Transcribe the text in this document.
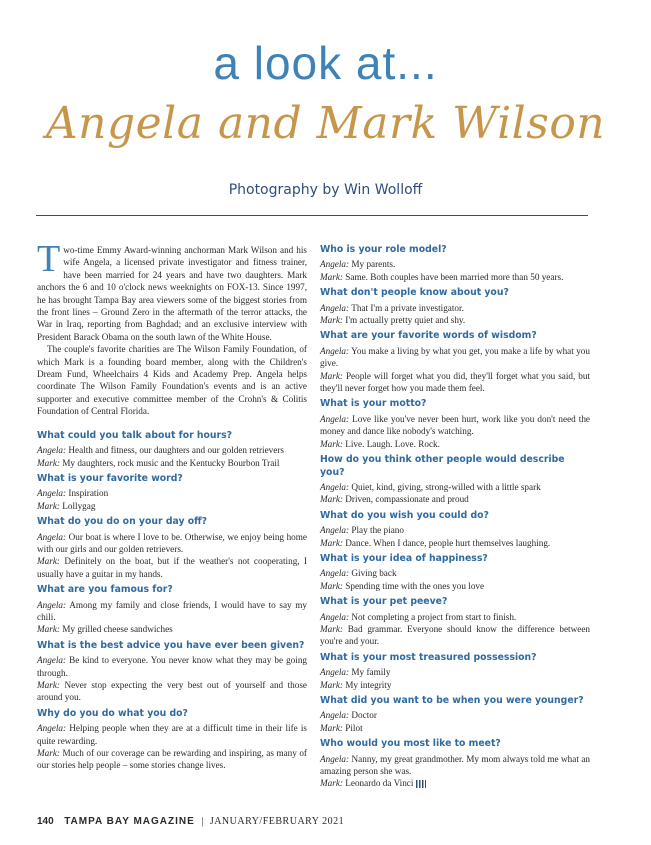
a look at...
Angela and Mark Wilson
Photography by Win Wolloff

Two-time Emmy Award-winning anchorman Mark Wilson and his wife Angela, a licensed private investigator and fitness trainer, have been married for 24 years and have two daughters. Mark anchors the 6 and 10 o'clock news weeknights on FOX-13. Since 1997, he has brought Tampa Bay area viewers some of the biggest stories from the front lines – Ground Zero in the aftermath of the terror attacks, the War in Iraq, reporting from Baghdad; and an exclusive interview with President Barack Obama on the south lawn of the White House.

The couple's favorite charities are The Wilson Family Foundation, of which Mark is a founding board member, along with the Children's Dream Fund, Wheelchairs 4 Kids and Academy Prep. Angela helps coordinate The Wilson Family Foundation's events and is an active supporter and executive committee member of the Crohn's & Colitis Foundation of Central Florida.

What could you talk about for hours?

Angela: Health and fitness, our daughters and our golden retrievers

Mark: My daughters, rock music and the Kentucky Bourbon Trail

What is your favorite word?

Angela: Inspiration

Mark: Lollygag

What do you do on your day off?

Angela: Our boat is where I love to be. Otherwise, we enjoy being home with our girls and our golden retrievers.

Mark: Definitely on the boat, but if the weather's not cooperating, I usually have a guitar in my hands.

What are you famous for?

Angela: Among my family and close friends, I would have to say my chili.

Mark: My grilled cheese sandwiches

What is the best advice you have ever been given?

Angela: Be kind to everyone. You never know what they may be going through.

Mark: Never stop expecting the very best out of yourself and those around you.

Why do you do what you do?

Angela: Helping people when they are at a difficult time in their life is quite rewarding.

Mark: Much of our coverage can be rewarding and inspiring, as many of our stories help people – some stories change lives.

Who is your role model?

Angela: My parents.

Mark: Same. Both couples have been married more than 50 years.

What don't people know about you?

Angela: That I'm a private investigator.

Mark: I'm actually pretty quiet and shy.

What are your favorite words of wisdom?

Angela: You make a living by what you get, you make a life by what you give.

Mark: People will forget what you did, they'll forget what you said, but they'll never forget how you made them feel.

What is your motto?

Angela: Love like you've never been hurt, work like you don't need the money and dance like nobody's watching.

Mark: Live. Laugh. Love. Rock.

How do you think other people would describe you?

Angela: Quiet, kind, giving, strong-willed with a little spark

Mark: Driven, compassionate and proud

What do you wish you could do?

Angela: Play the piano

Mark: Dance. When I dance, people hurt themselves laughing.

What is your idea of happiness?

Angela: Giving back

Mark: Spending time with the ones you love

What is your pet peeve?

Angela: Not completing a project from start to finish.

Mark: Bad grammar. Everyone should know the difference between you're and your.

What is your most treasured possession?

Angela: My family

Mark: My integrity

What did you want to be when you were younger?

Angela: Doctor

Mark: Pilot

Who would you most like to meet?

Angela: Nanny, my great grandmother. My mom always told me what an amazing person she was.

Mark: Leonardo da Vinci

140 TAMPA BAY MAGAZINE | JANUARY/FEBRUARY 2021
